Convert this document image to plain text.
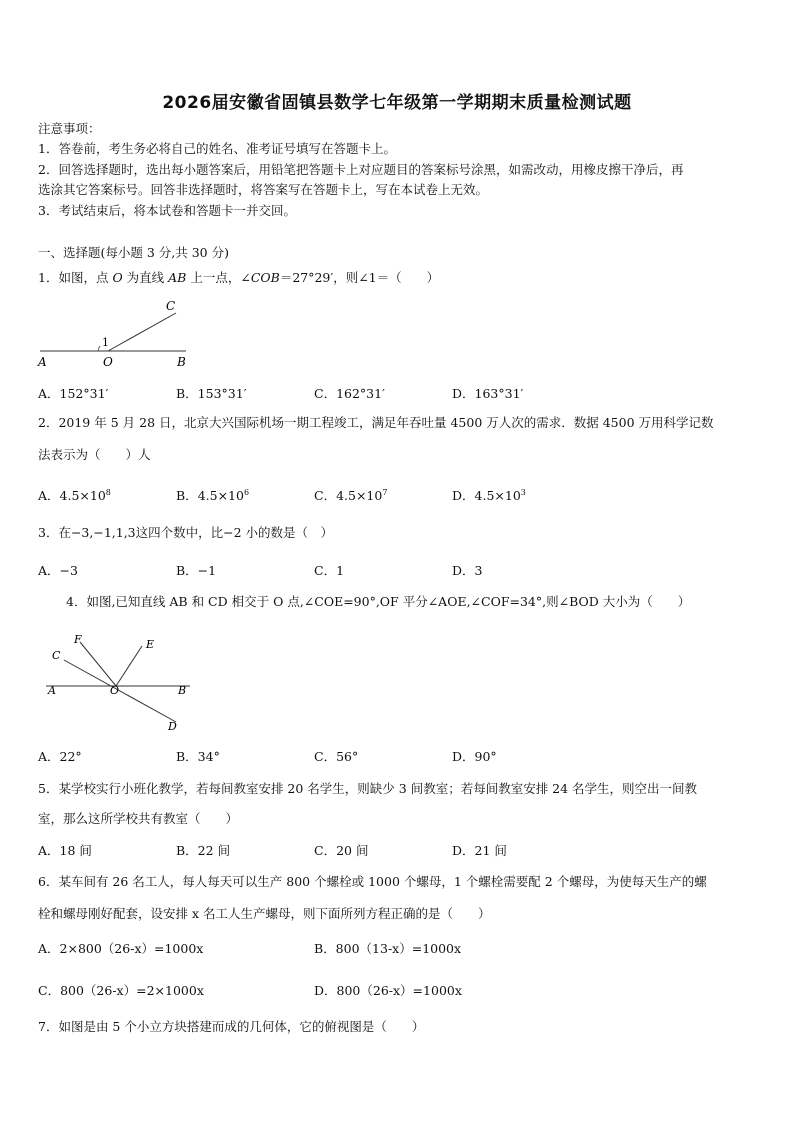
2026届安徽省固镇县数学七年级第一学期期末质量检测试题
注意事项：
1．答卷前，考生务必将自己的姓名、准考证号填写在答题卡上。
2．回答选择题时，选出每小题答案后，用铅笔把答题卡上对应题目的答案标号涂黑，如需改动，用橡皮擦干净后，再
选涂其它答案标号。回答非选择题时，将答案写在答题卡上，写在本试卷上无效。
3．考试结束后，将本试卷和答题卡一并交回。
一、选择题(每小题 3 分,共 30 分)
1．如图，点 O 为直线 AB 上一点，∠COB＝27°29′，则∠1＝（　　）
A	O	B
C
1
A．152°31′	B．153°31′	C．162°31′	D．163°31′
2．2019 年 5 月 28 日，北京大兴国际机场一期工程竣工，满足年吞吐量 4500 万人次的需求．数据 4500 万用科学记数
法表示为（　　）人
A．$4.5\times 10^8$	B．$4.5\times 10^6$	C．$4.5\times 10^7$	D．$4.5\times 10^3$
3．在−3,−1,1,3这四个数中，比−2 小的数是（　）
A．−3	B．−1	C．1	D．3
4．如图,已知直线 AB 和 CD 相交于 O 点,∠COE=90°,OF 平分∠AOE,∠COF=34°,则∠BOD 大小为（　　）
F	E
C
A	O	B
D
A．22°	B．34°	C．56°	D．90°
5．某学校实行小班化教学，若每间教室安排 20 名学生，则缺少 3 间教室；若每间教室安排 24 名学生，则空出一间教
室，那么这所学校共有教室（　　）
A．18 间	B．22 间	C．20 间	D．21 间
6．某车间有 26 名工人，每人每天可以生产 800 个螺栓或 1000 个螺母，1 个螺栓需要配 2 个螺母，为使每天生产的螺
栓和螺母刚好配套，设安排 x 名工人生产螺母，则下面所列方程正确的是（　　）
A．2×800（26-x）=1000x	B．800（13-x）=1000x
C．800（26-x）=2×1000x	D．800（26-x）=1000x
7．如图是由 5 个小立方块搭建而成的几何体，它的俯视图是（　　）
